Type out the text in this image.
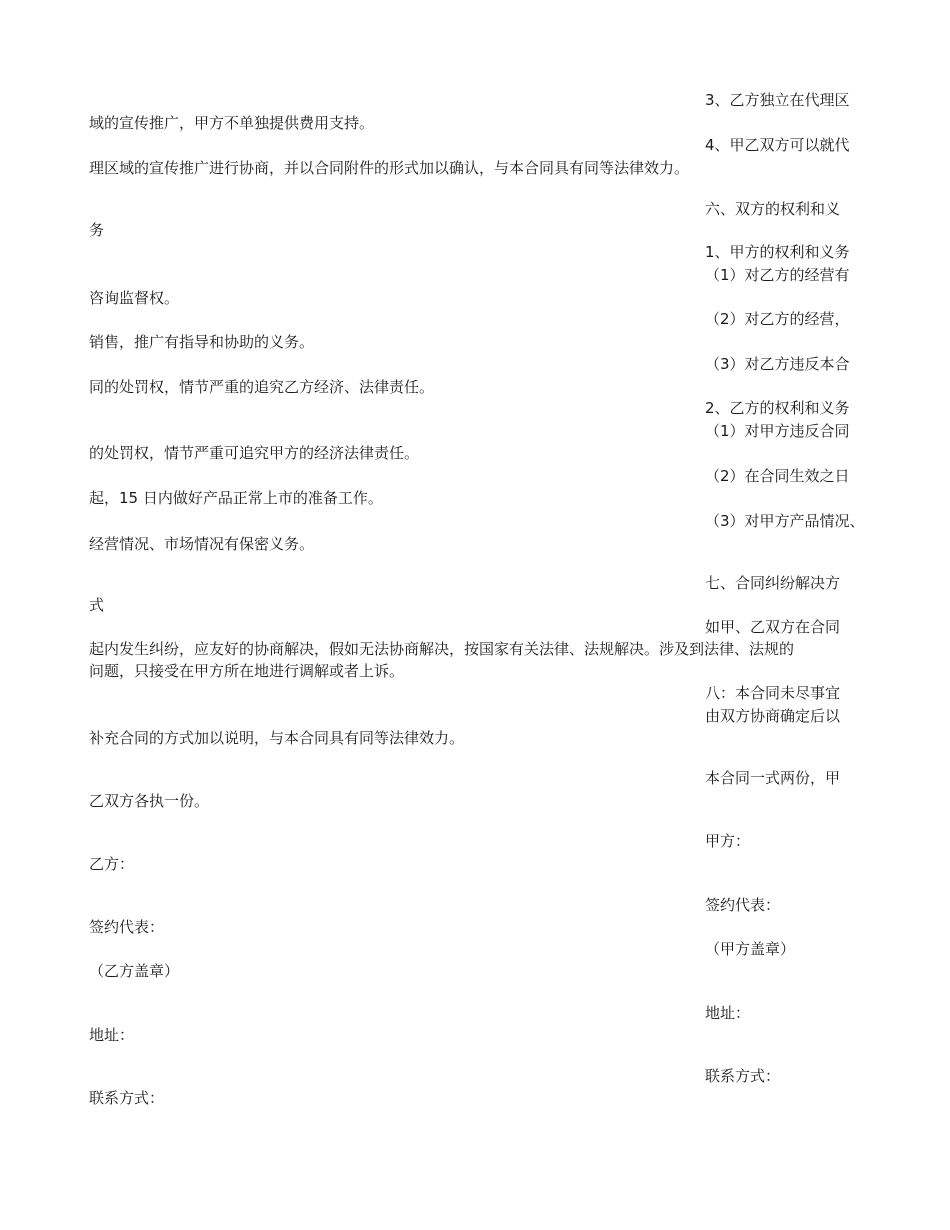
3、乙方独立在代理区

域的宣传推广，甲方不单独提供费用支持。

4、甲乙双方可以就代

理区域的宣传推广进行协商，并以合同附件的形式加以确认，与本合同具有同等法律效力。

六、双方的权利和义

务

1、甲方的权利和义务

（1）对乙方的经营有

咨询监督权。

（2）对乙方的经营，

销售，推广有指导和协助的义务。

（3）对乙方违反本合

同的处罚权，情节严重的追究乙方经济、法律责任。

2、乙方的权利和义务

（1）对甲方违反合同

的处罚权，情节严重可追究甲方的经济法律责任。

（2）在合同生效之日

起，15 日内做好产品正常上市的准备工作。

（3）对甲方产品情况、

经营情况、市场情况有保密义务。

七、合同纠纷解决方

式

如甲、乙双方在合同

起内发生纠纷，应友好的协商解决，假如无法协商解决，按国家有关法律、法规解决。涉及到法律、法规的

问题，只接受在甲方所在地进行调解或者上诉。

八：本合同未尽事宜

由双方协商确定后以

补充合同的方式加以说明，与本合同具有同等法律效力。

本合同一式两份，甲

乙双方各执一份。

甲方：

乙方：

签约代表：

签约代表：

（甲方盖章）

（乙方盖章）

地址：

地址：

联系方式：

联系方式：
